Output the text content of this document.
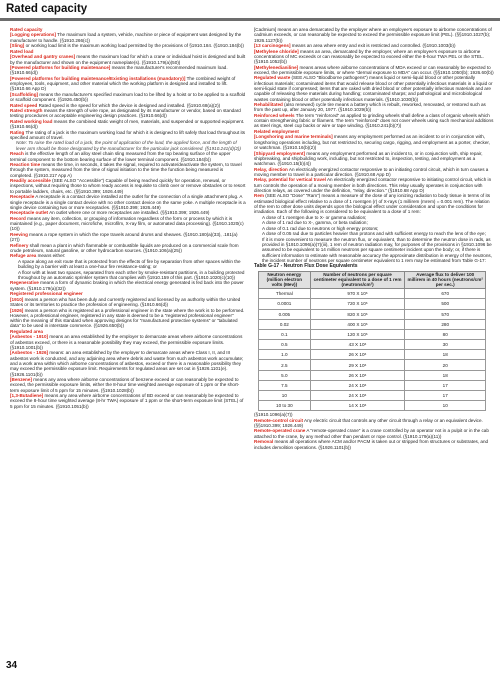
Rated capacity
Rated capacity
[Logging operations] The maximum load a system, vehicle, machine or piece of equipment was designed by the manufacturer to handle. (§1910.266(c))
[Sling] or working load limit is the maximum working load permitted by the provisions of §1910.184. (§1910.184(b))
Rated load
[Overhead and gantry cranes] means the maximum load for which a crane or individual hoist is designed and built by the manufacturer and shown on the equipment nameplate(s). (§1910.179(a)(50))
[Powered platforms for building maintenance] means the manufacturer's recommended maximum load. (§1910.66(d))
[Powered platforms for building maintenance/Existing installations (mandatory)] The combined weight of employees, tools, equipment, and other material which the working platform is designed and installed to lift. (§1910.66 App D)
[Scaffolding] means the manufacturer's specified maximum load to be lifted by a hoist or to be applied to a scaffold or scaffold component. (§1926.450(b))
Rated speed Rated speed is the speed for which the device is designed and installed. (§1910.68(a)(2))
Rated strength means the strength of wire rope, as designated by its manufacturer or vendor, based on standard testing procedures or acceptable engineering design practices. (§1910.66(d))
Rated working load means the combined static weight of men, materials, and suspended or supported equipment. (§1910.66(d))
Rating The rating of a jack is the maximum working load for which it is designed to lift safely that load throughout its specified amount of travel.
Note: To raise the rated load of a jack, the point of application of the load, the applied force, and the length of lever arm should be those designated by the manufacturer for the particular jack considered. (§1910.241(d)(2))
Reach is the effective length of an alloy steel chain sling measured from the top bearing surface of the upper terminal component to the bottom bearing surface of the lower terminal component. (§1910.184(b))
Reaction time means the time, in seconds, it takes the signal, required to activate/deactivate the system, to travel through the system, measured from the time of signal initiation to the time the function being measured is completed. (§1910.217 App A)
Readily accessible (SEE ALSO "Accessible") Capable of being reached quickly for operation, renewal, or inspections, without requiring those to whom ready access is requisite to climb over or remove obstacles or to resort to portable ladders, chairs, etc. (§§1910.399; 1926.449)
Receptacle A receptacle is a contact device installed at the outlet for the connection of a single attachment plug. A single receptacle is a single contact device with no other contact device on the same yoke. A multiple receptacle is a single device containing two or more receptacles. (§§1910.399; 1926.449)
Receptacle outlet An outlet where one or more receptacles are installed. (§§1910.399; 1926.449)
Record means any item, collection, or grouping of information regardless of the form or process by which it is maintained (e.g., paper document, microfiche, microfilm, X-ray film, or automated data processing). (§1910.1020(c)(10))
Reeving means a rope system in which the rope travels around drums and sheaves. (§1910.180(a)(33), .181(a)(27))
Refinery shall mean a plant in which flammable or combustible liquids are produced on a commercial scale from crude petroleum, natural gasoline, or other hydrocarbon sources. (§1910.106(a)(25))
Refuge area means either:
A space along an exit route that is protected from the effects of fire by separation from other spaces within the building by a barrier with at least a one-hour fire resistance-rating; or
A floor with at least two spaces, separated from each other by smoke-resistant partitions, in a building protected throughout by an automatic sprinkler system that complies with §1910.159 of this part. (§1910.1020(c)(10))
Regenerative means a form of dynamic braking in which the electrical energy generated is fed back into the power system. (§1910.179(a)(32))
Registered professional engineer
[1910] means a person who has been duly and currently registered and licensed by an authority within the United States or its territories to practice the profession of engineering. (§1910.66(d))
[1926] means a person who is registered as a professional engineer in the state where the work is to be performed. However, a professional engineer, registered in any state is deemed to be a "registered professional engineer" within the meaning of this standard when approving designs for "manufactured protective systems" or "tabulated data" to be used in interstate commerce. (§1926.650(b))
Regulated area
[Asbestos - 1910] means an area established by the employer to demarcate areas where airborne concentrations of asbestos exceed, or there is a reasonable possibility they may exceed, the permissible exposure limits. (§1910.1001(b))
[Asbestos - 1926] means: an area established by the employer to demarcate areas where Class I, II, and III asbestos work is conducted, and any adjoining area where debris and waste from such asbestos work accumulate; and a work area within which airborne concentrations of asbestos, exceed or there is a reasonable possibility they may exceed the permissible exposure limit. Requirements for regulated areas are set out in §1926.1101(e). (§1926.1101(b))
[Benzene] means any area where airborne concentrations of benzene exceed or can reasonably be expected to exceed, the permissible exposure limits, either the 8-hour time weighted average exposure of 1 ppm or the short-term exposure limit of 5 ppm for 15 minutes. (§1910.1028(b))
[1,3-Butadiene] means any area where airborne concentrations of BD exceed or can reasonably be expected to exceed the 8-hour time weighted average (8-hr TWA) exposure of 1 ppm or the short-term exposure limit (STEL) of 5 ppm for 15 minutes. (§1910.1051(b))
[Cadmium] means an area demarcated by the employer where an employee's exposure to airborne concentrations of cadmium exceeds, or can reasonably be expected to exceed the permissible exposure limit (PEL). (§§1910.1027(b); 1926.1127(b))
[13 carcinogens] means an area where entry and exit is restricted and controlled. (§1910.1003(b))
[Methylene chloride] means an area, demarcated by the employer, where an employee's exposure to airborne concentrations of MC exceeds or can reasonably be expected to exceed either the 8-hour TWA PEL or the STEL. (§1910.1052(b))
[Methylenedianiline] means areas where airborne concentrations of MDA exceed or can reasonably be expected to exceed, the permissible exposure limits, or where "dermal exposure to MDA" can occur. (§§1910.1050(b); 1926.60(b))
Regulated waste (SEE ALSO "Bloodborne pathogens") means liquid or semi-liquid blood or other potentially infectious materials; contaminated items that would release blood or other potentially infectious materials in a liquid or semi-liquid state if compressed; items that are caked with dried blood or other potentially infectious materials and are capable of releasing these materials during handling; contaminated sharps; and pathological and microbiological wastes containing blood or other potentially infectious materials. (§1910.1030(b))
Rehabilitated (also renewed) cycle tire means a battery which is rebuilt, reworked, renovated, or restored such as from the past up, after January 20, 1977. (§1910.1029(b))
Reinforced wheels The term "reinforced" as applied to grinding wheels shall define a class of organic wheels which contain strengthening fabric or filament. The term "reinforced" does not cover wheels using such mechanical additions as steel rings, steel cup backs or wire or tape winding. (§1910.241(b)(7))
Related employment
[Longshoring and marine terminals] means any employment performed as an incident to or in conjunction with, longshoring operations including, but not restricted to, securing cargo, rigging, and employment as a porter, checker, or watchman. (§1910.16(b)(2))
[Shipyard employment] means any employment performed as an incident to, or in conjunction with, ship repair, shipbreaking, and shipbuilding work, including, but not restricted to, inspection, testing, and employment as a watchman. (§1910.15(b)(4))
Relay, direction An electrically energized contactor responsive to an initiating control circuit, which in turn causes a moving member to travel in a particular direction. (§1910.68 App D)
Relay, potential for vertical travel An electrically energized contactor responsive to initiating control circuit, which in turn controls the operation of a moving member in both directions. This relay usually operates in conjunction with direction relays, as covered under the definition, "relay, direction." (§1910.68 App D)
Rem (SEE ALSO "Dose" "Ram") means a measure of the dose of any ionizing radiation to body tissue in terms of its estimated biological effect relative to a dose of 1 roentgen (r) of X-rays (1 millirem (mrem) = 0.001 rem). The relation of the rem to other dose units depends upon the biological effect under consideration and upon the conditions for irradiation. Each of the following is considered to be equivalent to a dose of 1 rem:
A dose of 1 roentgen due to X- or gamma radiation;
A dose of 1 rad due to X-, gamma, or beta radiation;
A dose of 0.1 rad due to neutrons or high energy protons;
A dose of 0.05 rad due to particles heavier than protons and with sufficient energy to reach the lens of the eye;
If it is more convenient to measure the neutron flux, or equivalent, than to determine the neutron dose in rads, as provided in §1910.1096(a)(7)(iii), 1 rem of neutron radiation may, for purposes of the provisions in §1910.1096 be assumed to be equivalent to 14 million neutrons per square centimeter incident upon the body; or, if there is sufficient information to estimate with reasonable accuracy the approximate distribution in energy of the neutrons, the incident number of neutrons per square centimeter equivalent to 1 rem may be estimated from Table G-17:
Table G-17 - Neutron Flux Dose Equivalents
Neutron energy (million electron volts (Mev))	Number of neutrons per square centimeter equivalent to a dose of 1 rem (neutrons/cm²)	Average flux to deliver 100 millirem in 40 hours (neutrons/cm² per sec.)
Thermal	970 X 10⁶	670
0.0001	720 X 10⁶	500
0.005	820 X 10⁶	570
0.02	400 X 10⁶	280
0.1	120 X 10⁶	80
0.5	43 X 10⁶	30
1.0	26 X 10⁶	18
2.5	29 X 10⁶	20
5.0	26 X 10⁶	18
7.5	24 X 10⁶	17
10	24 X 10⁶	17
10 to 30	14 X 10⁶	10
(§1910.1096(a)(7))
Remote-control circuit Any electric circuit that controls any other circuit through a relay or an equivalent device. (§§1910.399; 1926.449)
Remote-operated crane A "remote-operated crane" is a crane controlled by an operator not in a pulpit or in the cab attached to the crane, by any method other than pendant or rope control. (§1910.179(a)(11))
Removal means all operations where ACM and/or PACM is taken out or stripped from structures or substrates, and includes demolition operations. (§1926.1101(b))
34
